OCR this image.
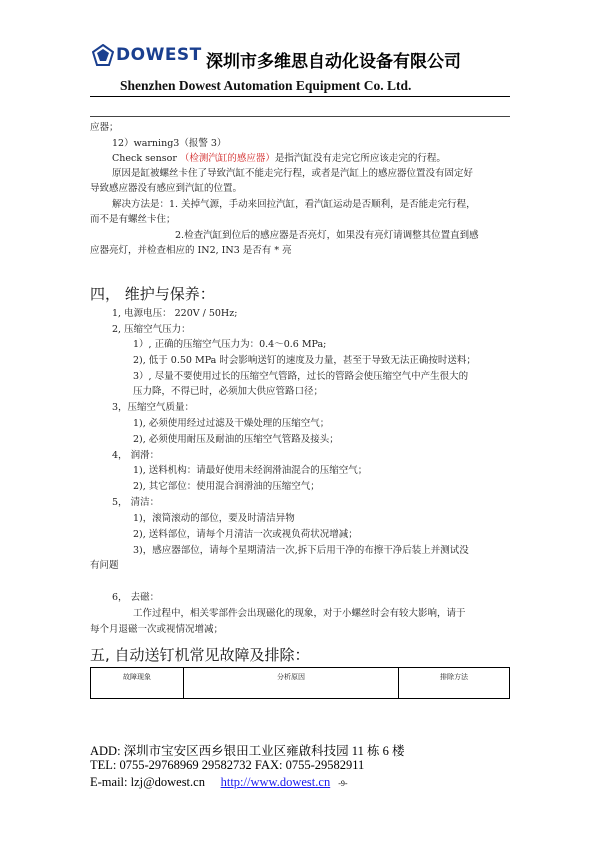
DOWEST 深圳市多维思自动化设备有限公司
Shenzhen Dowest Automation Equipment Co. Ltd.
应器；
12）warning3（报警 3）
Check sensor （检测汽缸的感应器）是指汽缸没有走完它所应该走完的行程。
原因是缸被螺丝卡住了导致汽缸不能走完行程，或者是汽缸上的感应器位置没有固定好
导致感应器没有感应到汽缸的位置。
解决方法是：1. 关掉气源，手动来回拉汽缸，看汽缸运动是否顺利，是否能走完行程，
而不是有螺丝卡住；
2.检查汽缸到位后的感应器是否亮灯，如果没有亮灯请调整其位置直到感
应器亮灯，并检查相应的 IN2, IN3 是否有 * 亮
四， 维护与保养：
1, 电源电压： 220V / 50Hz;
2, 压缩空气压力：
1）, 正确的压缩空气压力为：0.4～0.6 MPa;
2), 低于 0.50 MPa 时会影响送钉的速度及力量，甚至于导致无法正确按时送料；
3）, 尽量不要使用过长的压缩空气管路，过长的管路会使压缩空气中产生很大的
压力降，不得已时，必须加大供应管路口径；
3，压缩空气质量：
1), 必须使用经过过滤及干燥处理的压缩空气；
2), 必须使用耐压及耐油的压缩空气管路及接头；
4， 润滑：
1), 送料机构：请最好使用未经润滑油混合的压缩空气；
2), 其它部位：使用混合润滑油的压缩空气；
5， 清洁：
1)，滚筒滚动的部位，要及时清洁异物
2), 送料部位，请每个月清洁一次或视负荷状况增减；
3)，感应器部位，请每个星期清洁一次,拆下后用干净的布擦干净后装上并测试没
有问题
6， 去磁：
工作过程中，相关零部件会出现磁化的现象，对于小螺丝时会有较大影响，请于
每个月退磁一次或视情况增减；
五, 自动送钉机常见故障及排除：
故障现象	分析原因	排除方法
ADD: 深圳市宝安区西乡银田工业区雍啟科技园 11 栋 6 楼
TEL: 0755-29768969 29582732 FAX: 0755-29582911
E-mail: lzj@dowest.cn     http://www.dowest.cn -9-
